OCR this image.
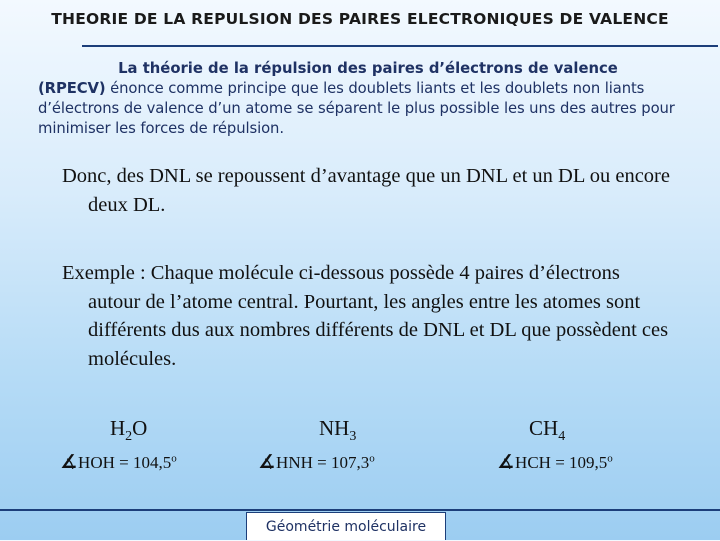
THEORIE DE LA REPULSION DES PAIRES ELECTRONIQUES DE VALENCE
La théorie de la répulsion des paires d’électrons de valence
(RPECV) énonce comme principe que les doublets liants et les doublets non liants d’électrons de valence d’un atome se séparent le plus possible les uns des autres pour minimiser les forces de répulsion.
Donc, des DNL se repoussent d’avantage que un DNL et un DL ou encore deux DL.
Exemple : Chaque molécule ci-dessous possède 4 paires d’électrons autour de l’atome central. Pourtant, les angles entre les atomes sont différents dus aux nombres différents de DNL et DL que possèdent ces molécules.
$H_2O$
∡HOH = $104,5^o$
$NH_3$
∡HNH = $107,3^o$
$CH_4$
∡HCH = $109,5^o$
Géométrie moléculaire
